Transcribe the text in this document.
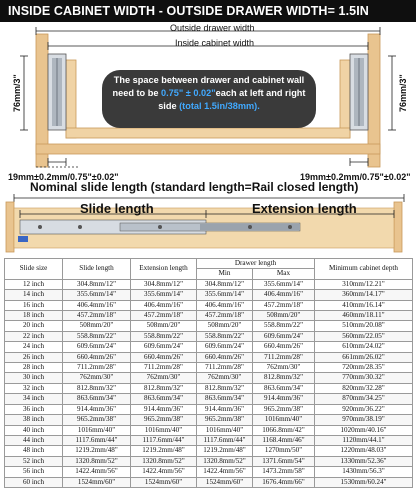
INSIDE CABINET WIDTH - OUTSIDE DRAWER WIDTH= 1.5IN
Outside drawer width
Inside cabinet width
76mm/3"	76mm/3"
The space between drawer and cabinet wall
need to be 0.75" ± 0.02"each at left and right
side (total 1.5in/38mm).
19mm±0.2mm/0.75"±0.02"	19mm±0.2mm/0.75"±0.02"
Nominal slide length (standard length=Rail closed length)
Slide length	Extension length
Slide size	Slide length	Extension length	Drawer length		Minimum cabinet depth
			Min	Max	
12 inch	304.8mm/12"	304.8mm/12"	304.8mm/12"	355.6mm/14"	310mm/12.21"
14 inch	355.6mm/14"	355.6mm/14"	355.6mm/14"	406.4mm/16"	360mm/14.17"
16 inch	406.4mm/16"	406.4mm/16"	406.4mm/16"	457.2mm/18"	410mm/16.14"
18 inch	457.2mm/18"	457.2mm/18"	457.2mm/18"	508mm/20"	460mm/18.11"
20 inch	508mm/20"	508mm/20"	508mm/20"	558.8mm/22"	510mm/20.08"
22 inch	558.8mm/22"	558.8mm/22"	558.8mm/22"	609.6mm/24"	560mm/22.05"
24 inch	609.6mm/24"	609.6mm/24"	609.6mm/24"	660.4mm/26"	610mm/24.02"
26 inch	660.4mm/26"	660.4mm/26"	660.4mm/26"	711.2mm/28"	661mm/26.02"
28 inch	711.2mm/28"	711.2mm/28"	711.2mm/28"	762mm/30"	720mm/28.35"
30 inch	762mm/30"	762mm/30"	762mm/30"	812.8mm/32"	770mm/30.32"
32 inch	812.8mm/32"	812.8mm/32"	812.8mm/32"	863.6mm/34"	820mm/32.28"
34 inch	863.6mm/34"	863.6mm/34"	863.6mm/34"	914.4mm/36"	870mm/34.25"
36 inch	914.4mm/36"	914.4mm/36"	914.4mm/36"	965.2mm/38"	920mm/36.22"
38 inch	965.2mm/38"	965.2mm/38"	965.2mm/38"	1016mm/40"	970mm/38.19"
40 inch	1016mm/40"	1016mm/40"	1016mm/40"	1066.8mm/42"	1020mm/40.16"
44 inch	1117.6mm/44"	1117.6mm/44"	1117.6mm/44"	1168.4mm/46"	1120mm/44.1"
48 inch	1219.2mm/48"	1219.2mm/48"	1219.2mm/48"	1270mm/50"	1220mm/48.03"
52 inch	1320.8mm/52"	1320.8mm/52"	1320.8mm/52"	1371.6mm/54"	1330mm/52.36"
56 inch	1422.4mm/56"	1422.4mm/56"	1422.4mm/56"	1473.2mm/58"	1430mm/56.3"
60 inch	1524mm/60"	1524mm/60"	1524mm/60"	1676.4mm/66"	1530mm/60.24"
